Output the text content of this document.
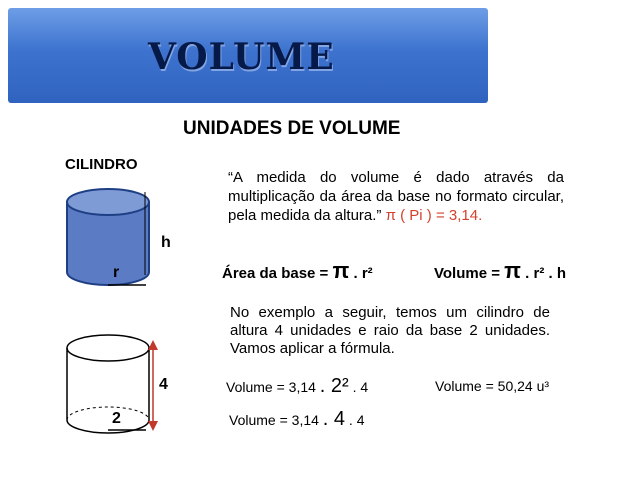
VOLUME
UNIDADES DE VOLUME
CILINDRO
“A medida do volume é dado através da multiplicação da área da base no formato circular, pela medida da altura.” π ( Pi ) = 3,14.
Área da base = π . r²	Volume = π . r² . h
No exemplo a seguir, temos um cilindro de altura 4 unidades e raio da base 2 unidades. Vamos aplicar a fórmula.
Volume = 3,14 . 2² . 4
Volume = 3,14 . 4 . 4
Volume = 50,24 u³
h
r
4
2
